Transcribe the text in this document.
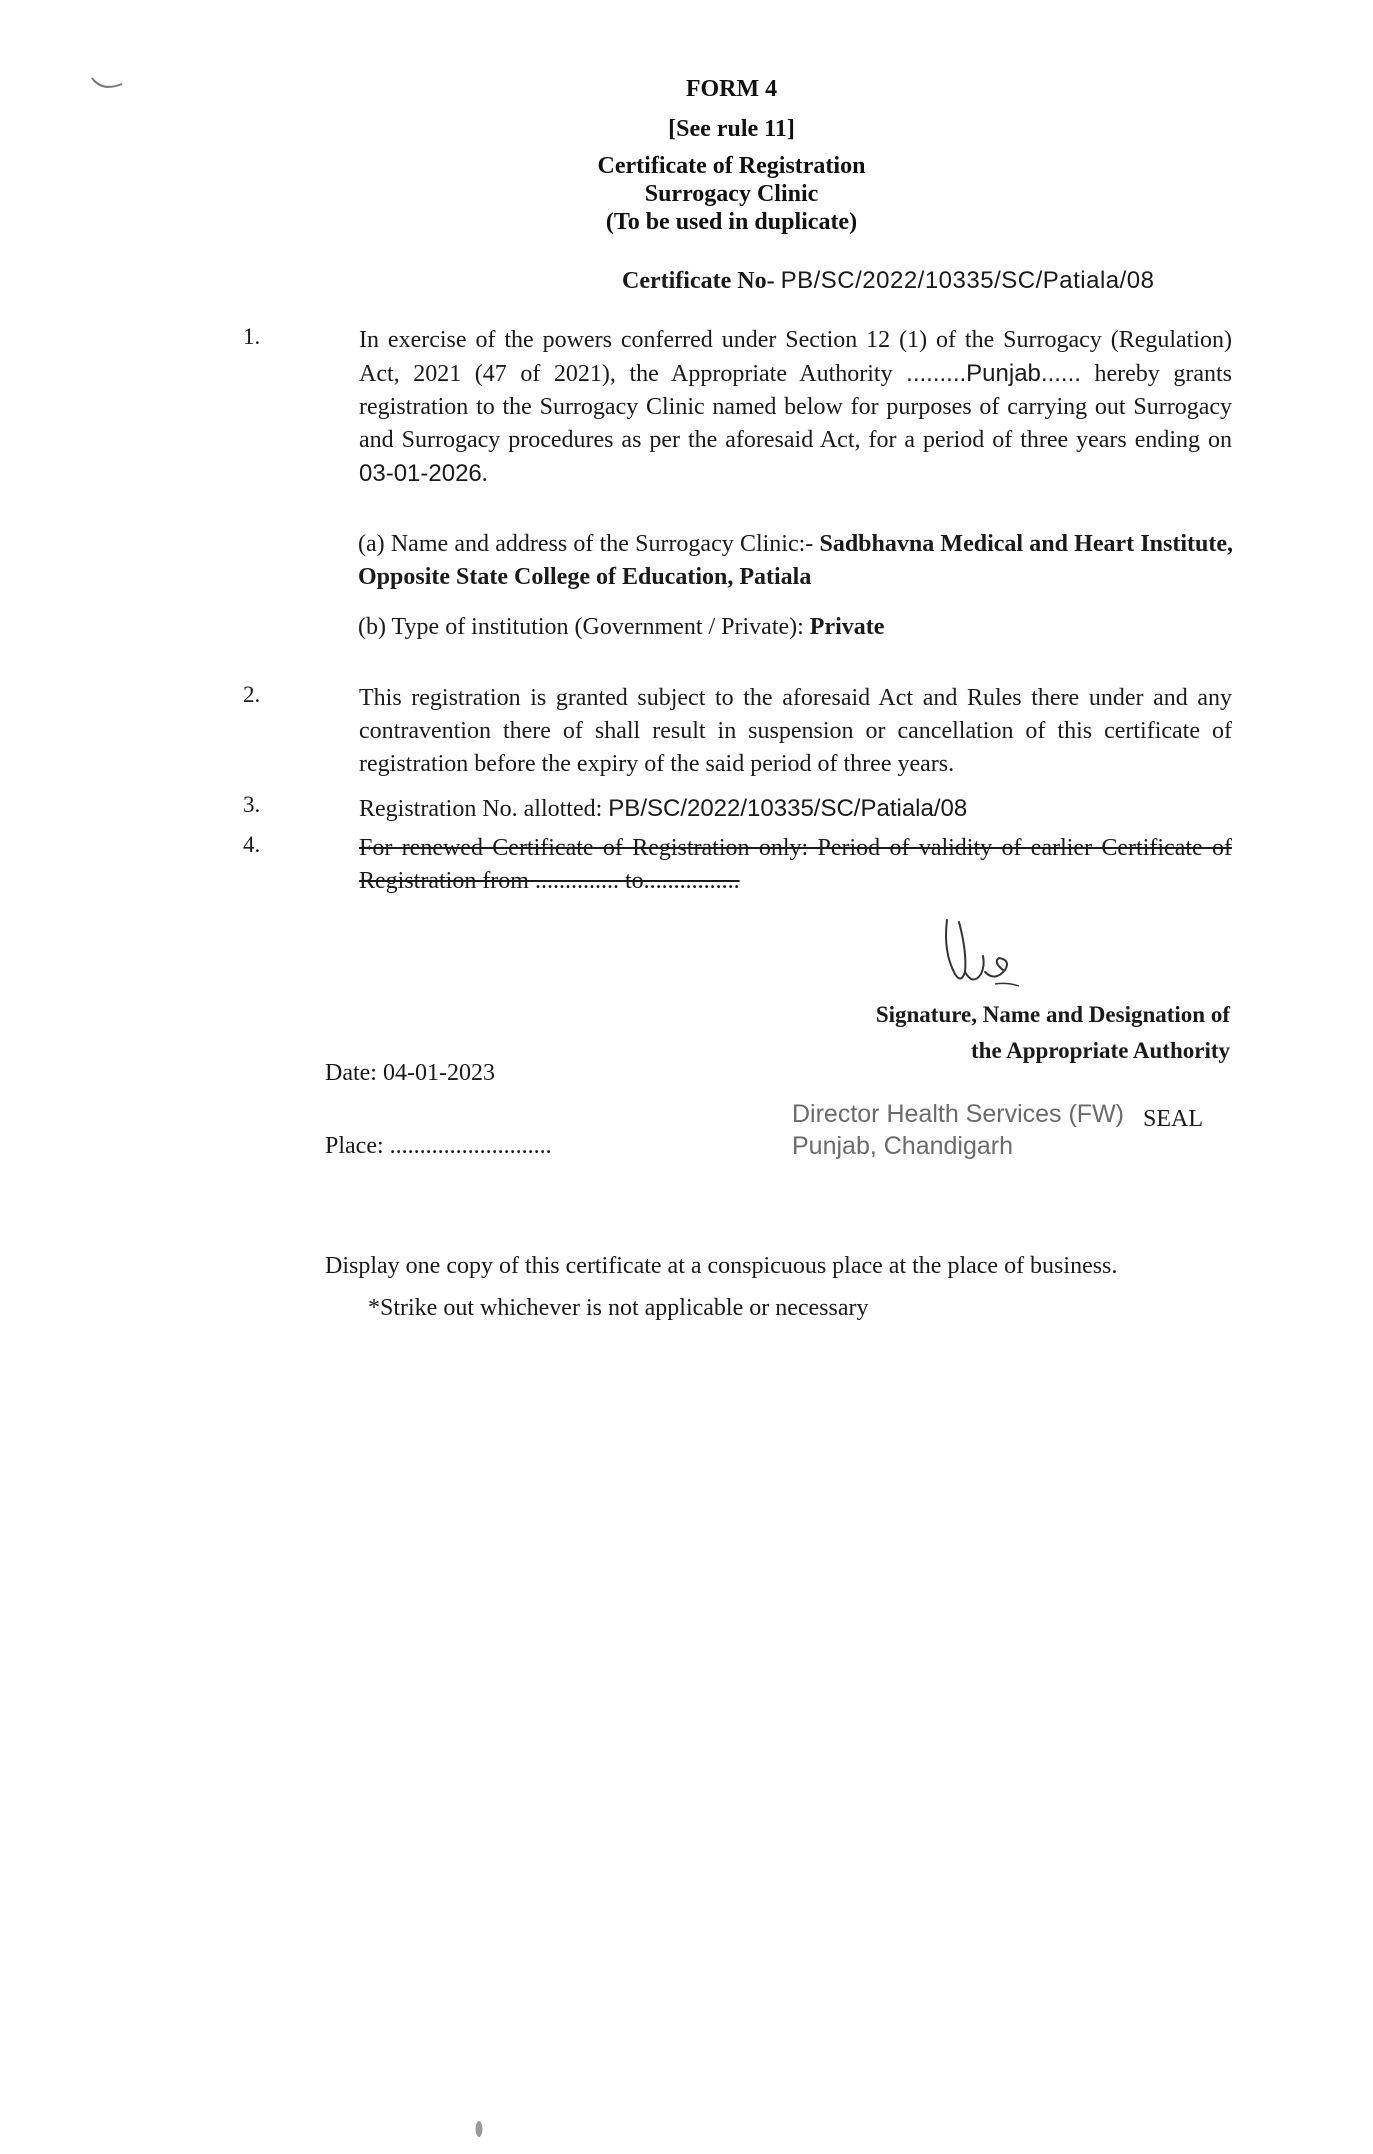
FORM 4
[See rule 11]
Certificate of Registration
Surrogacy Clinic
(To be used in duplicate)
Certificate No- PB/SC/2022/10335/SC/Patiala/08
1.	In exercise of the powers conferred under Section 12 (1) of the Surrogacy (Regulation) Act, 2021 (47 of 2021), the Appropriate Authority .........Punjab...... hereby grants registration to the Surrogacy Clinic named below for purposes of carrying out Surrogacy and Surrogacy procedures as per the aforesaid Act, for a period of three years ending on 03-01-2026.
(a) Name and address of the Surrogacy Clinic:- Sadbhavna Medical and Heart Institute, Opposite State College of Education, Patiala
(b) Type of institution (Government / Private): Private
2.	This registration is granted subject to the aforesaid Act and Rules there under and any contravention there of shall result in suspension or cancellation of this certificate of registration before the expiry of the said period of three years.
3.	Registration No. allotted: PB/SC/2022/10335/SC/Patiala/08
4.	For renewed Certificate of Registration only: Period of validity of earlier Certificate of Registration from .............. to................
Signature, Name and Designation of
the Appropriate Authority
Date: 04-01-2023
Director Health Services (FW)
Punjab, Chandigarh
SEAL
Place: ...........................
Display one copy of this certificate at a conspicuous place at the place of business.
*Strike out whichever is not applicable or necessary
